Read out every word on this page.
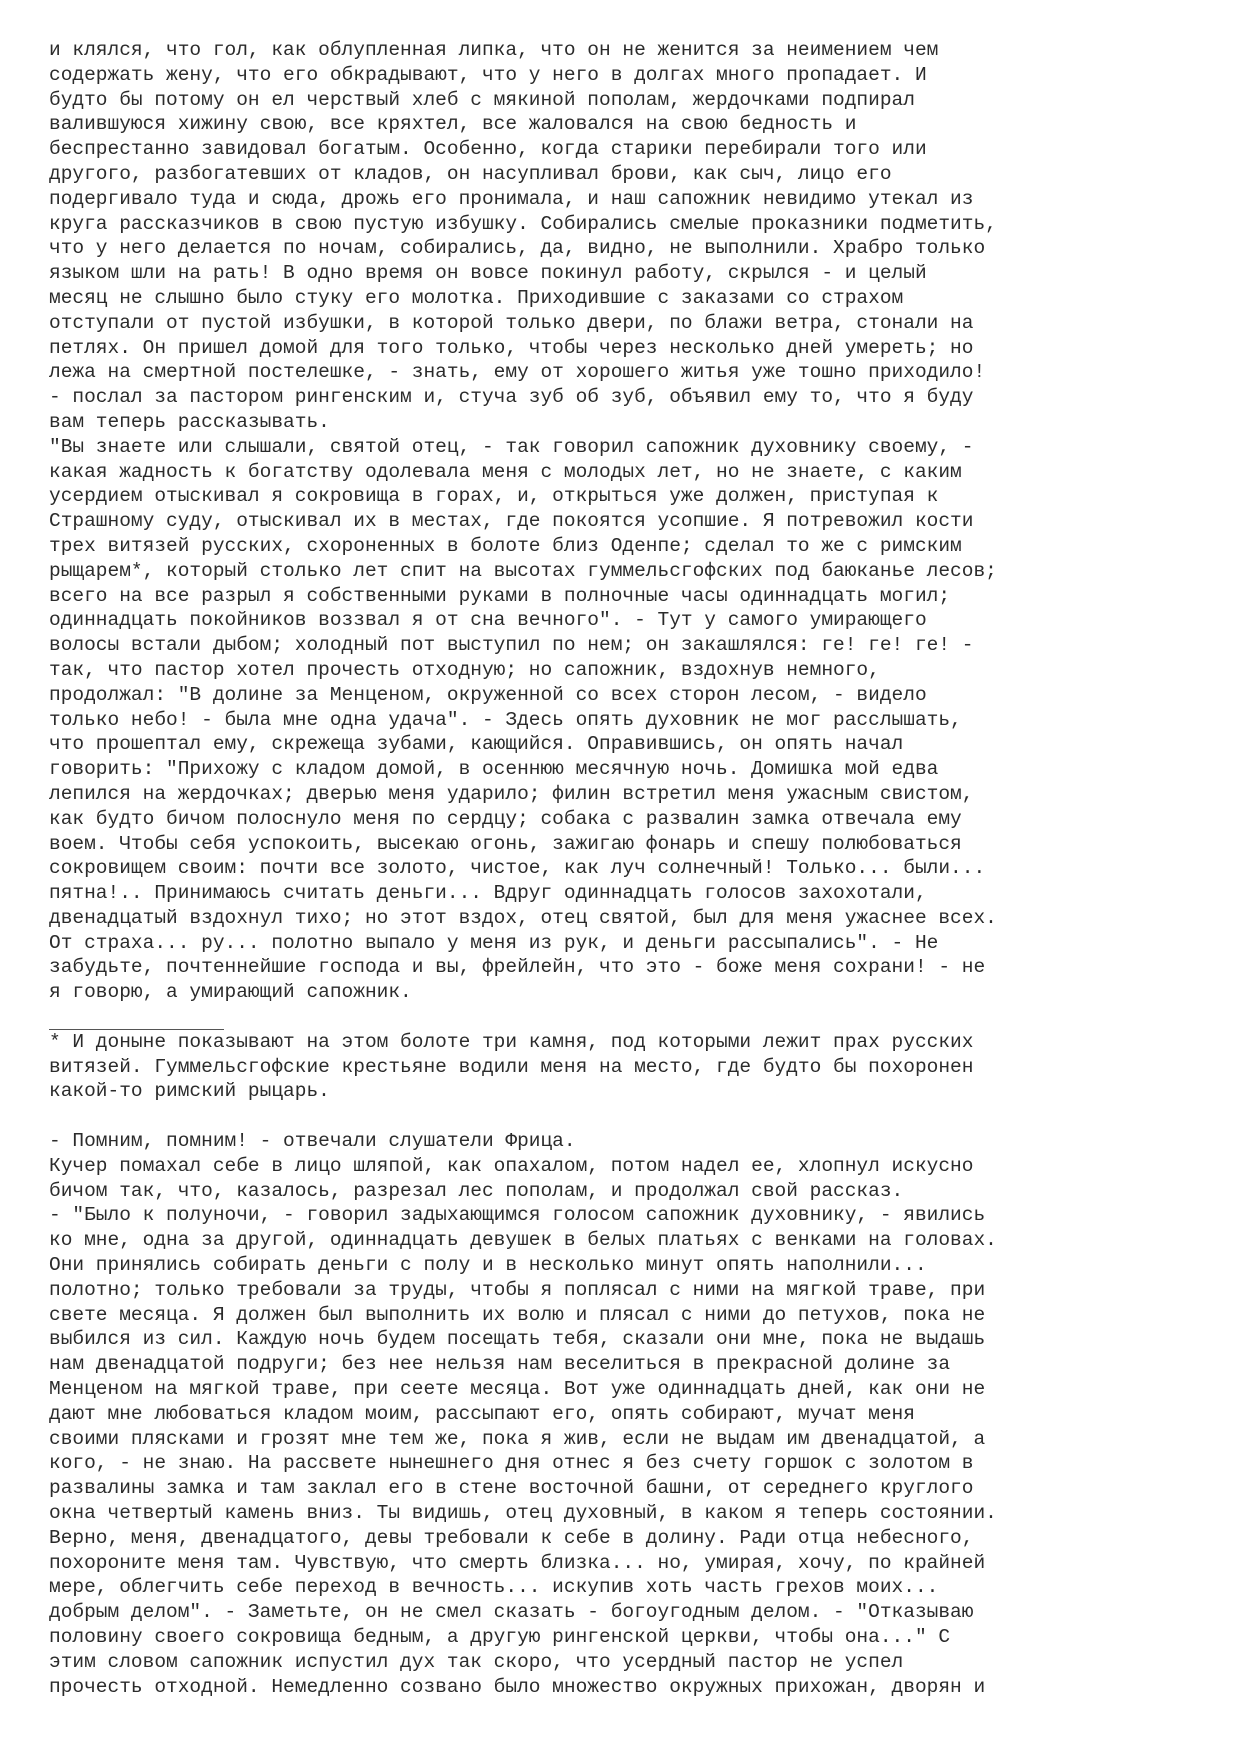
и клялся, что гол, как облупленная липка, что он не женится за неимением чем
содержать жену, что его обкрадывают, что у него в долгах много пропадает. И
будто бы потому он ел черствый хлеб с мякиной пополам, жердочками подпирал
валившуюся хижину свою, все кряхтел, все жаловался на свою бедность и
беспрестанно завидовал богатым. Особенно, когда старики перебирали того или
другого, разбогатевших от кладов, он насупливал брови, как сыч, лицо его
подергивало туда и сюда, дрожь его пронимала, и наш сапожник невидимо утекал из
круга рассказчиков в свою пустую избушку. Собирались смелые проказники подметить,
что у него делается по ночам, собирались, да, видно, не выполнили. Храбро только
языком шли на рать! В одно время он вовсе покинул работу, скрылся - и целый
месяц не слышно было стуку его молотка. Приходившие с заказами со страхом
отступали от пустой избушки, в которой только двери, по блажи ветра, стонали на
петлях. Он пришел домой для того только, чтобы через несколько дней умереть; но
лежа на смертной постелешке, - знать, ему от хорошего житья уже тошно приходило!
- послал за пастором рингенским и, стуча зуб об зуб, объявил ему то, что я буду
вам теперь рассказывать.
"Вы знаете или слышали, святой отец, - так говорил сапожник духовнику своему, -
какая жадность к богатству одолевала меня с молодых лет, но не знаете, с каким
усердием отыскивал я сокровища в горах, и, открыться уже должен, приступая к
Страшному суду, отыскивал их в местах, где покоятся усопшие. Я потревожил кости
трех витязей русских, схороненных в болоте близ Оденпе; сделал то же с римским
рыщарем*, который столько лет спит на высотах гуммельсгофских под баюканье лесов;
всего на все разрыл я собственными руками в полночные часы одиннадцать могил;
одиннадцать покойников воззвал я от сна вечного". - Тут у самого умирающего
волосы встали дыбом; холодный пот выступил по нем; он закашлялся: ге! ге! ге! -
так, что пастор хотел прочесть отходную; но сапожник, вздохнув немного,
продолжал: "В долине за Менценом, окруженной со всех сторон лесом, - видело
только небо! - была мне одна удача". - Здесь опять духовник не мог расслышать,
что прошептал ему, скрежеща зубами, кающийся. Оправившись, он опять начал
говорить: "Прихожу с кладом домой, в осеннюю месячную ночь. Домишка мой едва
лепился на жердочках; дверью меня ударило; филин встретил меня ужасным свистом,
как будто бичом полоснуло меня по сердцу; собака с развалин замка отвечала ему
воем. Чтобы себя успокоить, высекаю огонь, зажигаю фонарь и спешу полюбоваться
сокровищем своим: почти все золото, чистое, как луч солнечный! Только... были...
пятна!.. Принимаюсь считать деньги... Вдруг одиннадцать голосов захохотали,
двенадцатый вздохнул тихо; но этот вздох, отец святой, был для меня ужаснее всех.
От страха... ру... полотно выпало у меня из рук, и деньги рассыпались". - Не
забудьте, почтеннейшие господа и вы, фрейлейн, что это - боже меня сохрани! - не
я говорю, а умирающий сапожник.
* И доныне показывают на этом болоте три камня, под которыми лежит прах русских
витязей. Гуммельсгофские крестьяне водили меня на место, где будто бы похоронен
какой-то римский рыцарь.
- Помним, помним! - отвечали слушатели Фрица.
Кучер помахал себе в лицо шляпой, как опахалом, потом надел ее, хлопнул искусно
бичом так, что, казалось, разрезал лес пополам, и продолжал свой рассказ.
- "Было к полуночи, - говорил задыхающимся голосом сапожник духовнику, - явились
ко мне, одна за другой, одиннадцать девушек в белых платьях с венками на головах.
Они принялись собирать деньги с полу и в несколько минут опять наполнили...
полотно; только требовали за труды, чтобы я поплясал с ними на мягкой траве, при
свете месяца. Я должен был выполнить их волю и плясал с ними до петухов, пока не
выбился из сил. Каждую ночь будем посещать тебя, сказали они мне, пока не выдашь
нам двенадцатой подруги; без нее нельзя нам веселиться в прекрасной долине за
Менценом на мягкой траве, при сеете месяца. Вот уже одиннадцать дней, как они не
дают мне любоваться кладом моим, рассыпают его, опять собирают, мучат меня
своими плясками и грозят мне тем же, пока я жив, если не выдам им двенадцатой, а
кого, - не знаю. На рассвете нынешнего дня отнес я без счету горшок с золотом в
развалины замка и там заклал его в стене восточной башни, от середнего круглого
окна четвертый камень вниз. Ты видишь, отец духовный, в каком я теперь состоянии.
Верно, меня, двенадцатого, девы требовали к себе в долину. Ради отца небесного,
похороните меня там. Чувствую, что смерть близка... но, умирая, хочу, по крайней
мере, облегчить себе переход в вечность... искупив хоть часть грехов моих...
добрым делом". - Заметьте, он не смел сказать - богоугодным делом. - "Отказываю
половину своего сокровища бедным, а другую рингенской церкви, чтобы она..." С
этим словом сапожник испустил дух так скоро, что усердный пастор не успел
прочесть отходной. Немедленно созвано было множество окружных прихожан, дворян и
